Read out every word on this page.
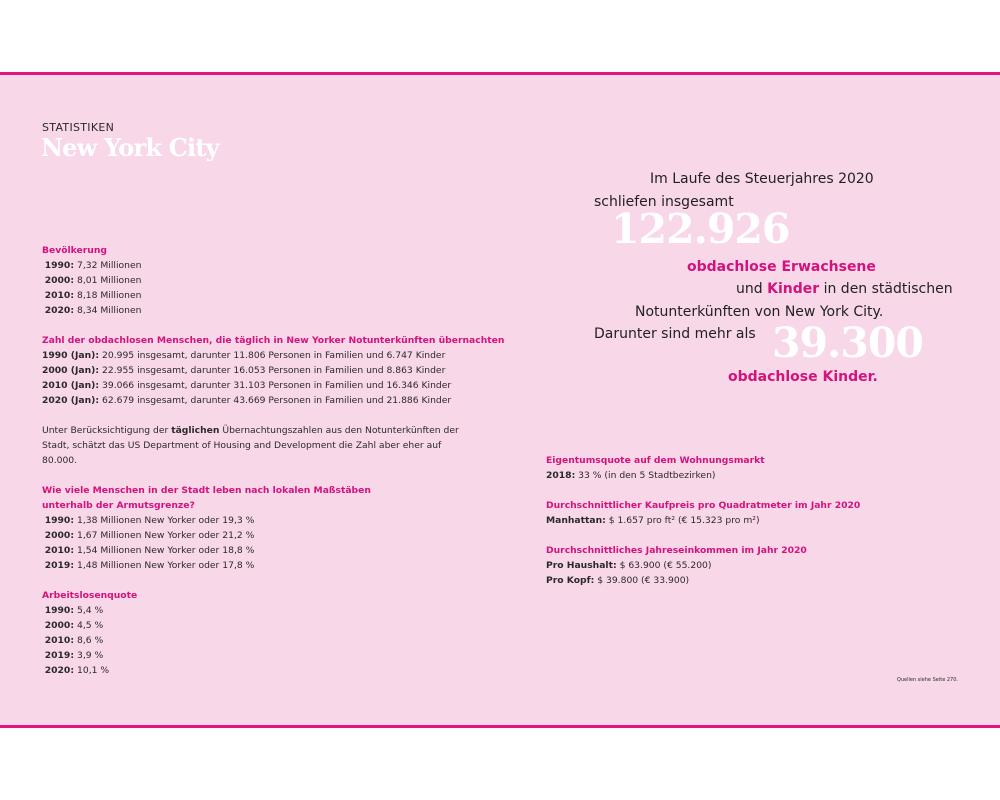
STATISTIKEN
New York City
Bevölkerung
1990: 7,32 Millionen
2000: 8,01 Millionen
2010: 8,18 Millionen
2020: 8,34 Millionen
Zahl der obdachlosen Menschen, die täglich in New Yorker Notunterkünften übernachten
1990 (Jan): 20.995 insgesamt, darunter 11.806 Personen in Familien und 6.747 Kinder
2000 (Jan): 22.955 insgesamt, darunter 16.053 Personen in Familien und 8.863 Kinder
2010 (Jan): 39.066 insgesamt, darunter 31.103 Personen in Familien und 16.346 Kinder
2020 (Jan): 62.679 insgesamt, darunter 43.669 Personen in Familien und 21.886 Kinder
Unter Berücksichtigung der täglichen Übernachtungszahlen aus den Notunterkünften der Stadt, schätzt das US Department of Housing and Development die Zahl aber eher auf 80.000.
Wie viele Menschen in der Stadt leben nach lokalen Maßstäben
unterhalb der Armutsgrenze?
1990: 1,38 Millionen New Yorker oder 19,3 %
2000: 1,67 Millionen New Yorker oder 21,2 %
2010: 1,54 Millionen New Yorker oder 18,8 %
2019: 1,48 Millionen New Yorker oder 17,8 %
Arbeitslosenquote
1990: 5,4 %
2000: 4,5 %
2010: 8,6 %
2019: 3,9 %
2020: 10,1 %
Im Laufe des Steuerjahres 2020
schliefen insgesamt
122.926
obdachlose Erwachsene
und Kinder in den städtischen
Notunterkünften von New York City.
Darunter sind mehr als 39.300
obdachlose Kinder.
Eigentumsquote auf dem Wohnungsmarkt
2018: 33 % (in den 5 Stadtbezirken)
Durchschnittlicher Kaufpreis pro Quadratmeter im Jahr 2020
Manhattan: $ 1.657 pro ft² (€ 15.323 pro m²)
Durchschnittliches Jahreseinkommen im Jahr 2020
Pro Haushalt: $ 63.900 (€ 55.200)
Pro Kopf: $ 39.800 (€ 33.900)
Quellen siehe Seite 270.
